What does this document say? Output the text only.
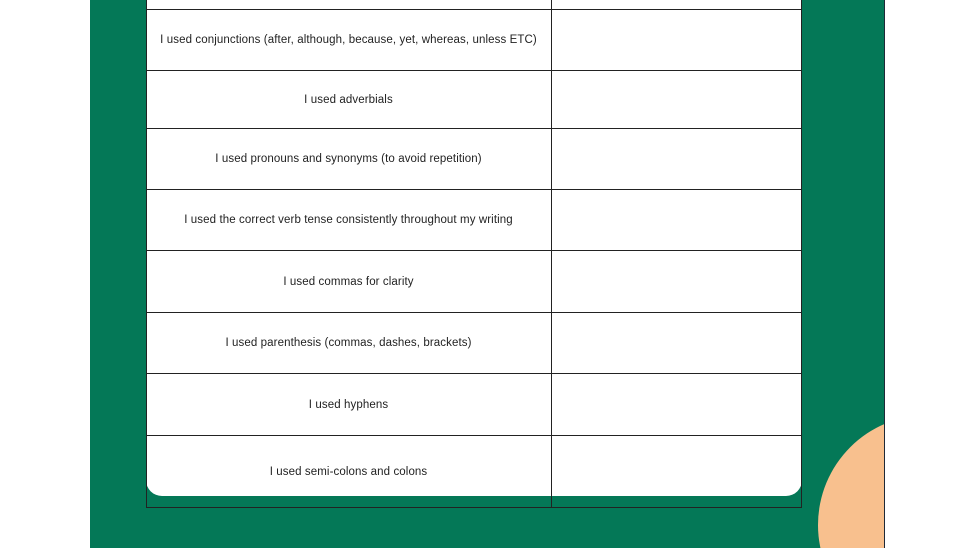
I used conjunctions (after, although, because, yet, whereas, unless ETC)
I used adverbials
I used pronouns and synonyms (to avoid repetition)
I used the correct verb tense consistently throughout my writing
I used commas for clarity
I used parenthesis (commas, dashes, brackets)
I used hyphens
I used semi-colons and colons
